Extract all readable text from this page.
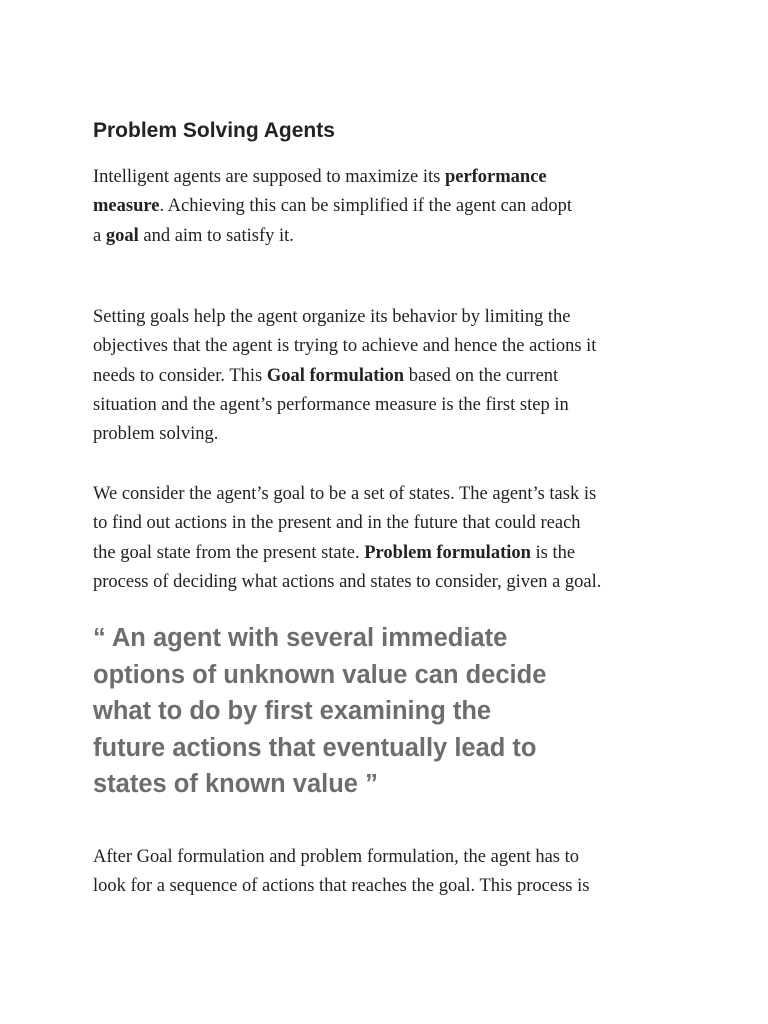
Problem Solving Agents

Intelligent agents are supposed to maximize its performance
measure. Achieving this can be simplified if the agent can adopt
a goal and aim to satisfy it.

Setting goals help the agent organize its behavior by limiting the
objectives that the agent is trying to achieve and hence the actions it
needs to consider. This Goal formulation based on the current
situation and the agent’s performance measure is the first step in
problem solving.

We consider the agent’s goal to be a set of states. The agent’s task is
to find out actions in the present and in the future that could reach
the goal state from the present state. Problem formulation is the
process of deciding what actions and states to consider, given a goal.

“ An agent with several immediate
options of unknown value can decide
what to do by first examining the
future actions that eventually lead to
states of known value ”

After Goal formulation and problem formulation, the agent has to
look for a sequence of actions that reaches the goal. This process is
